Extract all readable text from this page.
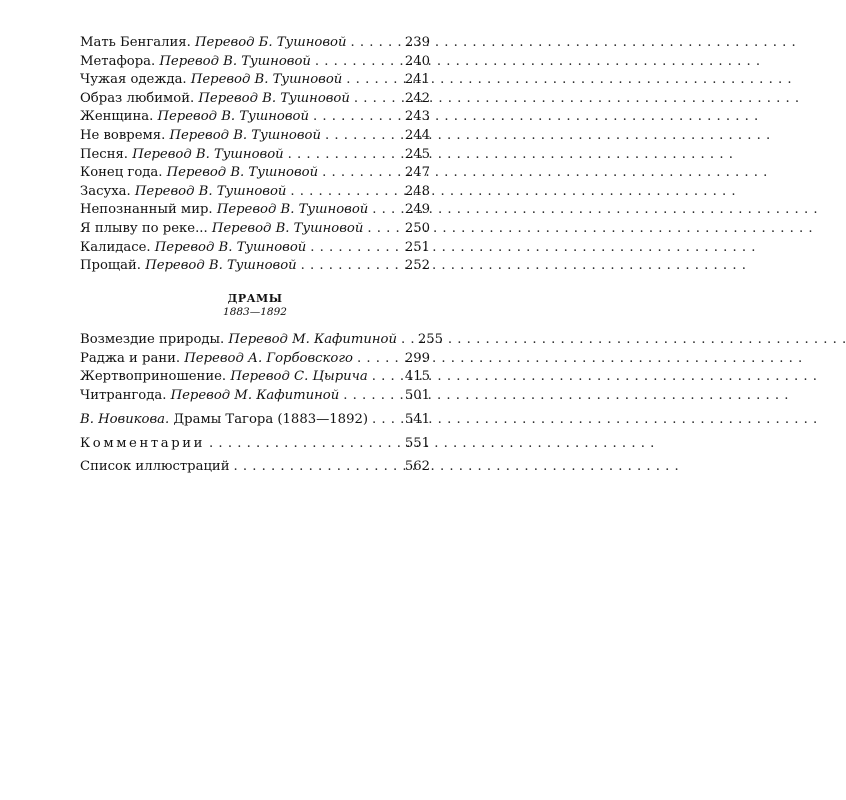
Мать Бенгалия. Перевод Б. Тушновой . . .	239
Метафора. Перевод В. Тушновой . . .	240
Чужая одежда. Перевод В. Тушновой . . .	241
Образ любимой. Перевод В. Тушновой . . .	242
Женщина. Перевод В. Тушновой . . .	243
Не вовремя. Перевод В. Тушновой . . .	244
Песня. Перевод В. Тушновой . . .	245
Конец года. Перевод В. Тушновой . . .	247
Засуха. Перевод В. Тушновой . . .	248
Непознанный мир. Перевод В. Тушновой . . .	249
Я плыву по реке... Перевод В. Тушновой . . .	250
Калидасе. Перевод В. Тушновой . . .	251
Прощай. Перевод В. Тушновой . . .	252
ДРАМЫ
1883—1892
Возмездие природы. Перевод М. Кафитиной . . . 255
Раджа и рани. Перевод А. Горбовского . . .	299
Жертвоприношение. Перевод С. Цырича . . .	415
Читрангода. Перевод М. Кафитиной . . .	501
В. Новикова. Драмы Тагора (1883—1892) . . .	541
Комментарии . . .	551
Список иллюстраций . . .	562
